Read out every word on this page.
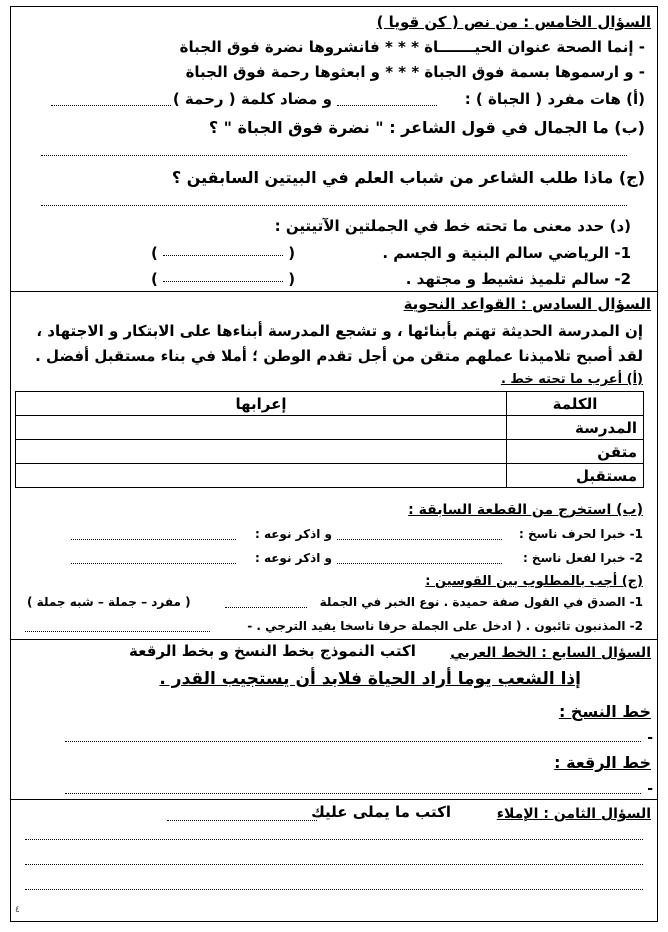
السؤال الخامس : من نص ( كن قويا )
- إنما الصحة عنوان الحيـــــــاة * * * فانشروها نضرة فوق الجباة
- و ارسموها بسمة فوق الجباة * * * و ابعثوها رحمة فوق الجباة
(أ) هات مفرد ( الجباة ) :
و مضاد كلمة ( رحمة )
(ب) ما الجمال في قول الشاعر : " نضرة فوق الجباة " ؟
(ج) ماذا طلب الشاعر من شباب العلم في البيتين السابقين ؟
(د) حدد معنى ما تحته خط في الجملتين الآتيتين :
1- الرياضي سالم البنية و الجسم .
(  )
2- سالم تلميذ نشيط و مجتهد .
(  )
السؤال السادس : القواعد النحوية
إن المدرسة الحديثة تهتم بأبنائها ، و تشجع المدرسة أبناءها على الابتكار و الاجتهاد ،
لقد أصبح تلاميذنا عملهم متقن من أجل تقدم الوطن ؛ أملا في بناء مستقبل أفضل .
(أ) أعرب ما تحته خط .
الكلمة	إعرابها
المدرسة	
متقن	
مستقبل	
(ب) استخرج من القطعة السابقة :
1- خبرا لحرف ناسخ :
و اذكر نوعه :
2- خبرا لفعل ناسخ :
و اذكر نوعه :
(ج) أجب بالمطلوب بين القوسين :
1- الصدق في القول صفة حميدة . نوع الخبر في الجملة
( مفرد – جملة – شبه جملة )
2- المذنبون تائبون . ( ادخل على الجملة حرفا ناسخا يفيد الترجي . -
السؤال السابع : الخط العربي
اكتب النموذج بخط النسخ و بخط الرقعة
إذا الشعب يوما أراد الحياة فلابد أن يستجيب القدر .
خط النسخ :
-
خط الرقعة :
-
السؤال الثامن : الإملاء
اكتب ما يملى عليك
٤
